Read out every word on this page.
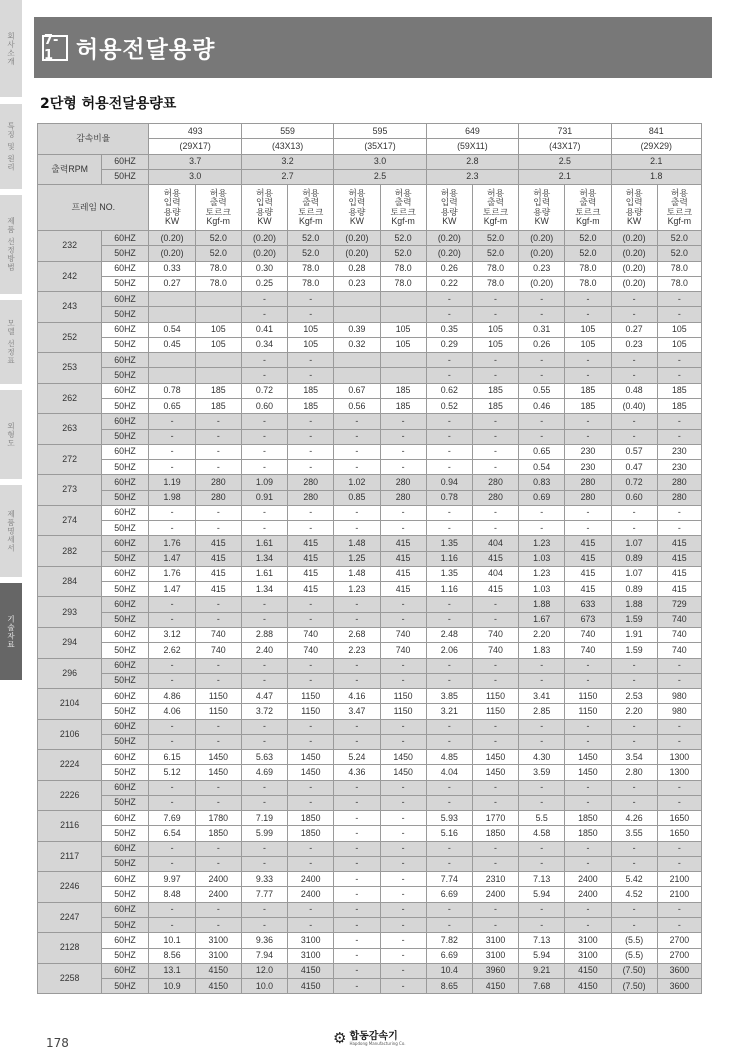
회사소개
특징 및 원리
제품 선정방법
모델 선정표
외형도
제품명세서
기술자료
7-1 허용전달용량
2단형 허용전달용량표
감속비율		493		559		595		649		731		841	
		(29X17)		(43X13)		(35X17)		(59X11)		(43X17)		(29X29)	
출력RPM	60HZ	3.7		3.2		3.0		2.8		2.5		2.1	
	50HZ	3.0		2.7		2.5		2.3		2.1		1.8	
프레임 NO.		허용
입력
용량
KW	허용
출력
토르크
Kgf-m	허용
입력
용량
KW	허용
출력
토르크
Kgf-m	허용
입력
용량
KW	허용
출력
토르크
Kgf-m	허용
입력
용량
KW	허용
출력
토르크
Kgf-m	허용
입력
용량
KW	허용
출력
토르크
Kgf-m	허용
입력
용량
KW	허용
출력
토르크
Kgf-m
232	60HZ	(0.20)	52.0	(0.20)	52.0	(0.20)	52.0	(0.20)	52.0	(0.20)	52.0	(0.20)	52.0
	50HZ	(0.20)	52.0	(0.20)	52.0	(0.20)	52.0	(0.20)	52.0	(0.20)	52.0	(0.20)	52.0
242	60HZ	0.33	78.0	0.30	78.0	0.28	78.0	0.26	78.0	0.23	78.0	(0.20)	78.0
	50HZ	0.27	78.0	0.25	78.0	0.23	78.0	0.22	78.0	(0.20)	78.0	(0.20)	78.0
243	60HZ			-	-			-	-	-	-	-	-
	50HZ			-	-			-	-	-	-	-	-
252	60HZ	0.54	105	0.41	105	0.39	105	0.35	105	0.31	105	0.27	105
	50HZ	0.45	105	0.34	105	0.32	105	0.29	105	0.26	105	0.23	105
253	60HZ			-	-			-	-	-	-	-	-
	50HZ			-	-			-	-	-	-	-	-
262	60HZ	0.78	185	0.72	185	0.67	185	0.62	185	0.55	185	0.48	185
	50HZ	0.65	185	0.60	185	0.56	185	0.52	185	0.46	185	(0.40)	185
263	60HZ	-	-	-	-	-	-	-	-	-	-	-	-
	50HZ	-	-	-	-	-	-	-	-	-	-	-	-
272	60HZ	-	-	-	-	-	-	-	-	0.65	230	0.57	230
	50HZ	-	-	-	-	-	-	-	-	0.54	230	0.47	230
273	60HZ	1.19	280	1.09	280	1.02	280	0.94	280	0.83	280	0.72	280
	50HZ	1.98	280	0.91	280	0.85	280	0.78	280	0.69	280	0.60	280
274	60HZ	-	-	-	-	-	-	-	-	-	-	-	-
	50HZ	-	-	-	-	-	-	-	-	-	-	-	-
282	60HZ	1.76	415	1.61	415	1.48	415	1.35	404	1.23	415	1.07	415
	50HZ	1.47	415	1.34	415	1.25	415	1.16	415	1.03	415	0.89	415
284	60HZ	1.76	415	1.61	415	1.48	415	1.35	404	1.23	415	1.07	415
	50HZ	1.47	415	1.34	415	1.23	415	1.16	415	1.03	415	0.89	415
293	60HZ	-	-	-	-	-	-	-	-	1.88	633	1.88	729
	50HZ	-	-	-	-	-	-	-	-	1.67	673	1.59	740
294	60HZ	3.12	740	2.88	740	2.68	740	2.48	740	2.20	740	1.91	740
	50HZ	2.62	740	2.40	740	2.23	740	2.06	740	1.83	740	1.59	740
296	60HZ	-	-	-	-	-	-	-	-	-	-	-	-
	50HZ	-	-	-	-	-	-	-	-	-	-	-	-
2104	60HZ	4.86	1150	4.47	1150	4.16	1150	3.85	1150	3.41	1150	2.53	980
	50HZ	4.06	1150	3.72	1150	3.47	1150	3.21	1150	2.85	1150	2.20	980
2106	60HZ	-	-	-	-	-	-	-	-	-	-	-	-
	50HZ	-	-	-	-	-	-	-	-	-	-	-	-
2224	60HZ	6.15	1450	5.63	1450	5.24	1450	4.85	1450	4.30	1450	3.54	1300
	50HZ	5.12	1450	4.69	1450	4.36	1450	4.04	1450	3.59	1450	2.80	1300
2226	60HZ	-	-	-	-	-	-	-	-	-	-	-	-
	50HZ	-	-	-	-	-	-	-	-	-	-	-	-
2116	60HZ	7.69	1780	7.19	1850	-	-	5.93	1770	5.5	1850	4.26	1650
	50HZ	6.54	1850	5.99	1850	-	-	5.16	1850	4.58	1850	3.55	1650
2117	60HZ	-	-	-	-	-	-	-	-	-	-	-	-
	50HZ	-	-	-	-	-	-	-	-	-	-	-	-
2246	60HZ	9.97	2400	9.33	2400	-	-	7.74	2310	7.13	2400	5.42	2100
	50HZ	8.48	2400	7.77	2400	-	-	6.69	2400	5.94	2400	4.52	2100
2247	60HZ	-	-	-	-	-	-	-	-	-	-	-	-
	50HZ	-	-	-	-	-	-	-	-	-	-	-	-
2128	60HZ	10.1	3100	9.36	3100	-	-	7.82	3100	7.13	3100	(5.5)	2700
	50HZ	8.56	3100	7.94	3100	-	-	6.69	3100	5.94	3100	(5.5)	2700
2258	60HZ	13.1	4150	12.0	4150	-	-	10.4	3960	9.21	4150	(7.50)	3600
	50HZ	10.9	4150	10.0	4150	-	-	8.65	4150	7.68	4150	(7.50)	3600
178	⚙ 합동감속기
Hapdong Manufacturing Co.
